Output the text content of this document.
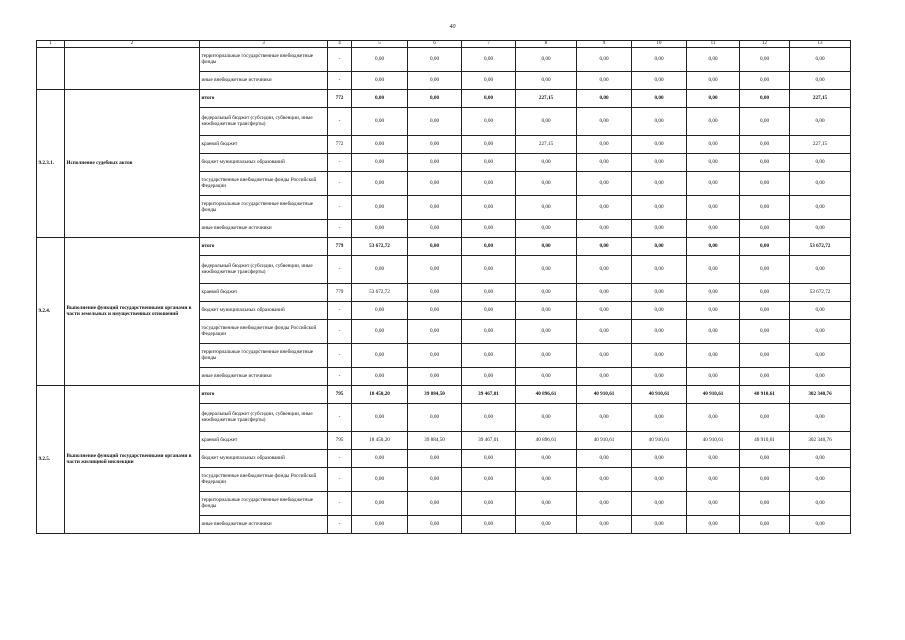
40
1	2	3	4	5	6	7	8	9	10	11	12	13
		территориальные государственные внебюджетные фонды	-	0,00	0,00	0,00	0,00	0,00	0,00	0,00	0,00	0,00
		иные внебюджетные источники	-	0,00	0,00	0,00	0,00	0,00	0,00	0,00	0,00	0,00
9.2.3.1.	Исполнение судебных актов	итого	772	0,00	0,00	0,00	227,15	0,00	0,00	0,00	0,00	227,15
		федеральный бюджет (субсидии, субвенции, иные межбюджетные трансферты)	-	0,00	0,00	0,00	0,00	0,00	0,00	0,00	0,00	0,00
		краевой бюджет	772	0,00	0,00	0,00	227,15	0,00	0,00	0,00	0,00	227,15
		бюджет муниципальных образований	-	0,00	0,00	0,00	0,00	0,00	0,00	0,00	0,00	0,00
		государственные внебюджетные фонды Российской Федерации	-	0,00	0,00	0,00	0,00	0,00	0,00	0,00	0,00	0,00
		территориальные государственные внебюджетные фонды	-	0,00	0,00	0,00	0,00	0,00	0,00	0,00	0,00	0,00
		иные внебюджетные источники	-	0,00	0,00	0,00	0,00	0,00	0,00	0,00	0,00	0,00
9.2.4.	Выполнение функций государственными органами в части земельных и имущественных отношений	итого	779	53 672,72	0,00	0,00	0,00	0,00	0,00	0,00	0,00	53 672,72
		федеральный бюджет (субсидии, субвенции, иные межбюджетные трансферты)	-	0,00	0,00	0,00	0,00	0,00	0,00	0,00	0,00	0,00
		краевой бюджет	779	53 672,72	0,00	0,00	0,00	0,00	0,00	0,00	0,00	53 672,72
		бюджет муниципальных образований	-	0,00	0,00	0,00	0,00	0,00	0,00	0,00	0,00	0,00
		государственные внебюджетные фонды Российской Федерации	-	0,00	0,00	0,00	0,00	0,00	0,00	0,00	0,00	0,00
		территориальные государственные внебюджетные фонды	-	0,00	0,00	0,00	0,00	0,00	0,00	0,00	0,00	0,00
		иные внебюджетные источники	-	0,00	0,00	0,00	0,00	0,00	0,00	0,00	0,00	0,00
9.2.5.	Выполнение функций государственными органами в части жилищной инспекции	итого	795	18 450,20	39 884,50	39 467,01	40 896,61	40 910,61	40 910,61	40 910,61	40 910,61	302 340,76
		федеральный бюджет (субсидии, субвенции, иные межбюджетные трансферты)	-	0,00	0,00	0,00	0,00	0,00	0,00	0,00	0,00	0,00
		краевой бюджет	795	18 450,20	39 884,50	39 467,01	40 896,61	40 910,61	40 910,61	40 910,61	40 910,61	302 340,76
		бюджет муниципальных образований	-	0,00	0,00	0,00	0,00	0,00	0,00	0,00	0,00	0,00
		государственные внебюджетные фонды Российской Федерации	-	0,00	0,00	0,00	0,00	0,00	0,00	0,00	0,00	0,00
		территориальные государственные внебюджетные фонды	-	0,00	0,00	0,00	0,00	0,00	0,00	0,00	0,00	0,00
		иные внебюджетные источники	-	0,00	0,00	0,00	0,00	0,00	0,00	0,00	0,00	0,00
